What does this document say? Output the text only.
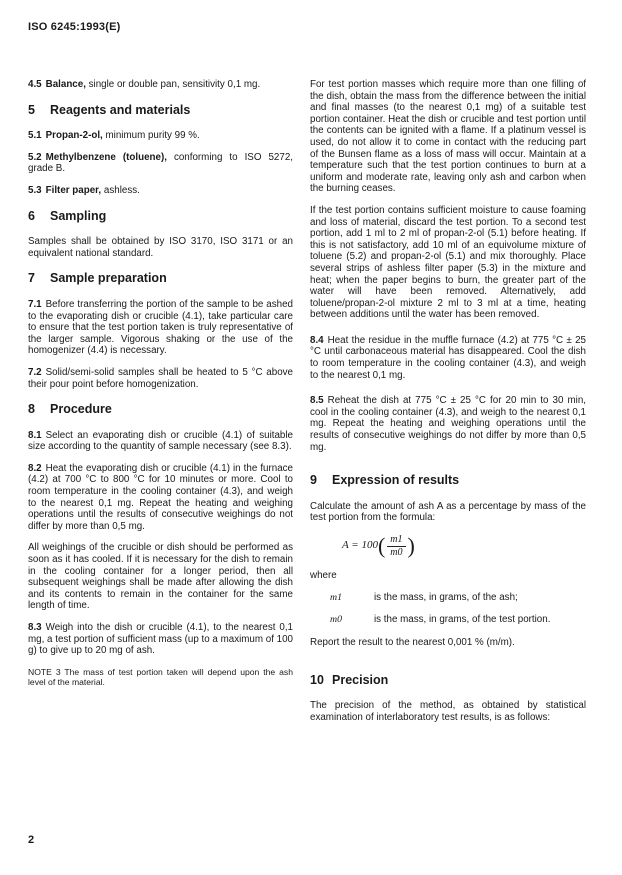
ISO 6245:1993(E)

4.5 Balance, single or double pan, sensitivity 0,1 mg.

5 Reagents and materials

5.1 Propan-2-ol, minimum purity 99 %.

5.2 Methylbenzene (toluene), conforming to ISO 5272, grade B.

5.3 Filter paper, ashless.

6 Sampling

Samples shall be obtained by ISO 3170, ISO 3171 or an equivalent national standard.

7 Sample preparation

7.1 Before transferring the portion of the sample to be ashed to the evaporating dish or crucible (4.1), take particular care to ensure that the test portion taken is truly representative of the larger sample. Vigorous shaking or the use of the homogenizer (4.4) is necessary.

7.2 Solid/semi-solid samples shall be heated to 5 °C above their pour point before homogenization.

8 Procedure

8.1 Select an evaporating dish or crucible (4.1) of suitable size according to the quantity of sample necessary (see 8.3).

8.2 Heat the evaporating dish or crucible (4.1) in the furnace (4.2) at 700 °C to 800 °C for 10 minutes or more. Cool to room temperature in the cooling container (4.3), and weigh to the nearest 0,1 mg. Repeat the heating and weighing operations until the results of consecutive weighings do not differ by more than 0,5 mg.

All weighings of the crucible or dish should be performed as soon as it has cooled. If it is necessary for the dish to remain in the cooling container for a longer period, then all subsequent weighings shall be made after allowing the dish and its contents to remain in the container for the same length of time.

8.3 Weigh into the dish or crucible (4.1), to the nearest 0,1 mg, a test portion of sufficient mass (up to a maximum of 100 g) to give up to 20 mg of ash.

NOTE 3 The mass of test portion taken will depend upon the ash level of the material.

For test portion masses which require more than one filling of the dish, obtain the mass from the difference between the initial and final masses (to the nearest 0,1 mg) of a suitable test portion container. Heat the dish or crucible and test portion until the contents can be ignited with a flame. If a platinum vessel is used, do not allow it to come in contact with the reducing part of the Bunsen flame as a loss of mass will occur. Maintain at a temperature such that the test portion continues to burn at a uniform and moderate rate, leaving only ash and carbon when the burning ceases.

If the test portion contains sufficient moisture to cause foaming and loss of material, discard the test portion. To a second test portion, add 1 ml to 2 ml of propan-2-ol (5.1) before heating. If this is not satisfactory, add 10 ml of an equivolume mixture of toluene (5.2) and propan-2-ol (5.1) and mix thoroughly. Place several strips of ashless filter paper (5.3) in the mixture and heat; when the paper begins to burn, the greater part of the water will have been removed. Alternatively, add toluene/propan-2-ol mixture 2 ml to 3 ml at a time, heating between additions until the water has been removed.

8.4 Heat the residue in the muffle furnace (4.2) at 775 °C ± 25 °C until carbonaceous material has disappeared. Cool the dish to room temperature in the cooling container (4.3), and weigh to the nearest 0,1 mg.

8.5 Reheat the dish at 775 °C ± 25 °C for 20 min to 30 min, cool in the cooling container (4.3), and weigh to the nearest 0,1 mg. Repeat the heating and weighing operations until the results of consecutive weighings do not differ by more than 0,5 mg.

9 Expression of results

Calculate the amount of ash A as a percentage by mass of the test portion from the formula:

A = 100 ( $\frac{m1}{m0}$ )

where

m1	is the mass, in grams, of the ash;
m0	is the mass, in grams, of the test portion.

Report the result to the nearest 0,001 % (m/m).

10 Precision

The precision of the method, as obtained by statistical examination of interlaboratory test results, is as follows:

2
